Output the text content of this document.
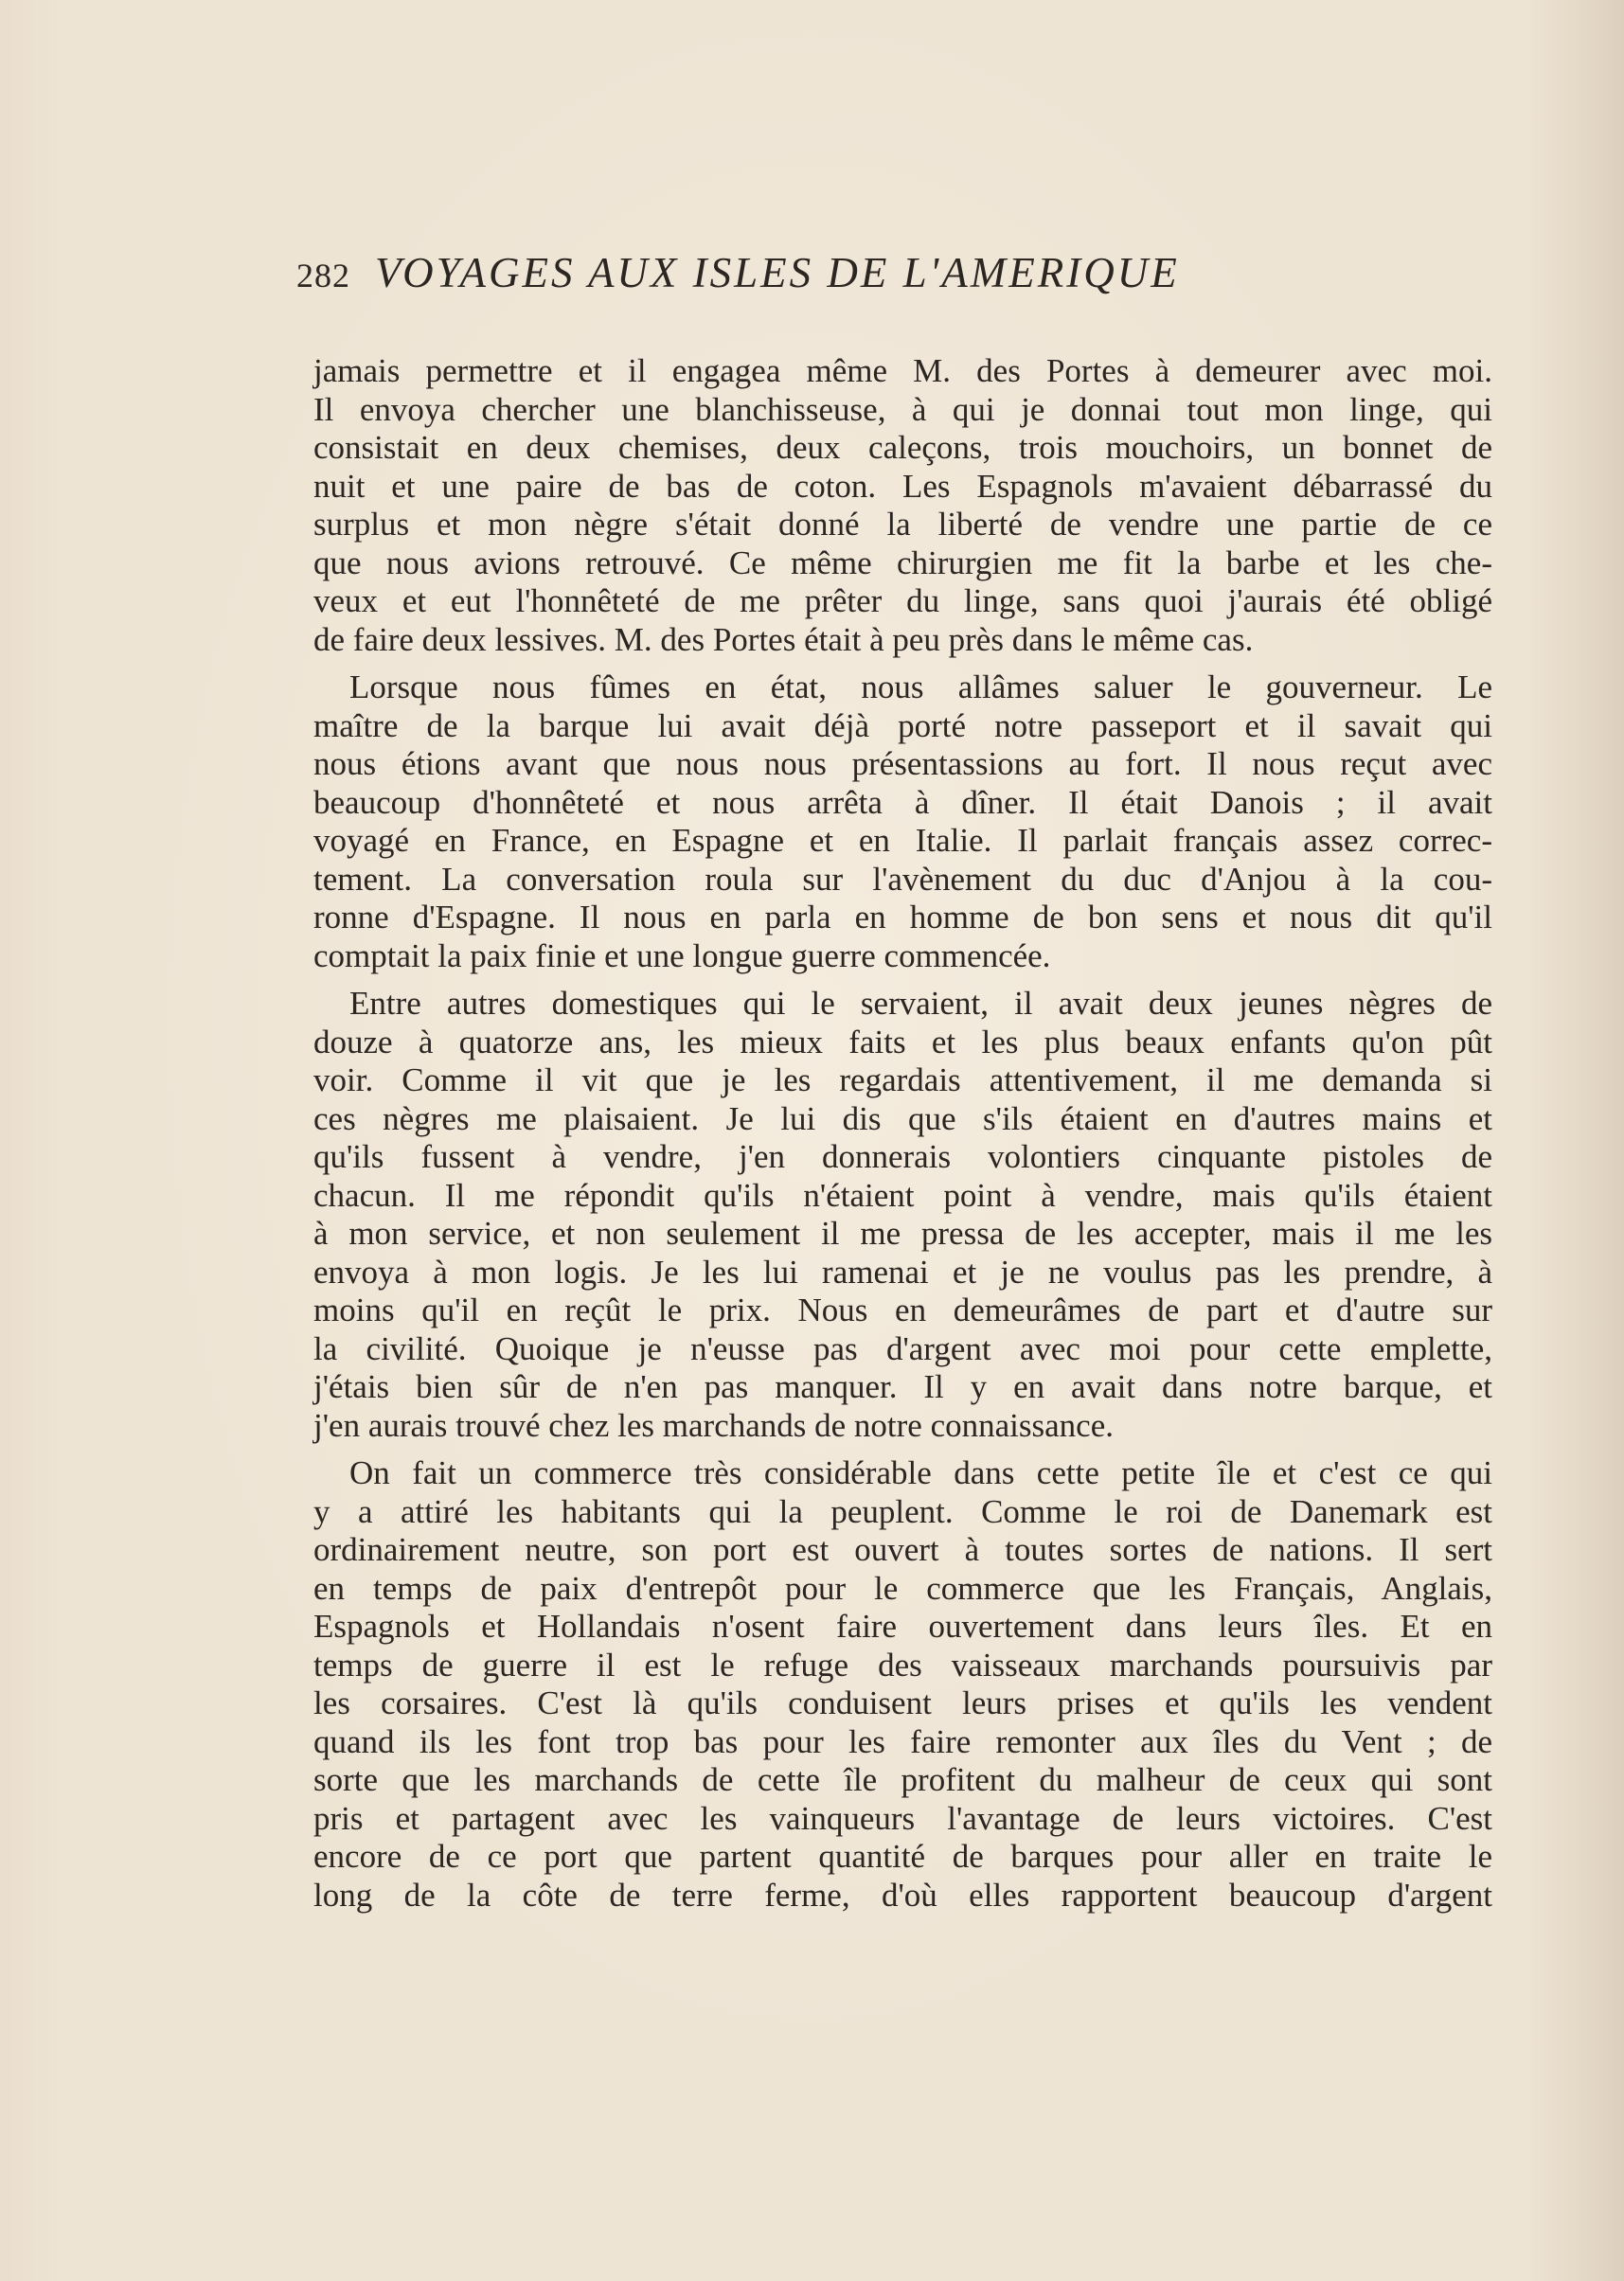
282 VOYAGES AUX ISLES DE L'AMERIQUE
jamais permettre et il engagea même M. des Portes à demeurer avec moi.
Il envoya chercher une blanchisseuse, à qui je donnai tout mon linge, qui
consistait en deux chemises, deux caleçons, trois mouchoirs, un bonnet de
nuit et une paire de bas de coton. Les Espagnols m'avaient débarrassé du
surplus et mon nègre s'était donné la liberté de vendre une partie de ce
que nous avions retrouvé. Ce même chirurgien me fit la barbe et les che-
veux et eut l'honnêteté de me prêter du linge, sans quoi j'aurais été obligé
de faire deux lessives. M. des Portes était à peu près dans le même cas.
Lorsque nous fûmes en état, nous allâmes saluer le gouverneur. Le
maître de la barque lui avait déjà porté notre passeport et il savait qui
nous étions avant que nous nous présentassions au fort. Il nous reçut avec
beaucoup d'honnêteté et nous arrêta à dîner. Il était Danois ; il avait
voyagé en France, en Espagne et en Italie. Il parlait français assez correc-
tement. La conversation roula sur l'avènement du duc d'Anjou à la cou-
ronne d'Espagne. Il nous en parla en homme de bon sens et nous dit qu'il
comptait la paix finie et une longue guerre commencée.
Entre autres domestiques qui le servaient, il avait deux jeunes nègres de
douze à quatorze ans, les mieux faits et les plus beaux enfants qu'on pût
voir. Comme il vit que je les regardais attentivement, il me demanda si
ces nègres me plaisaient. Je lui dis que s'ils étaient en d'autres mains et
qu'ils fussent à vendre, j'en donnerais volontiers cinquante pistoles de
chacun. Il me répondit qu'ils n'étaient point à vendre, mais qu'ils étaient
à mon service, et non seulement il me pressa de les accepter, mais il me les
envoya à mon logis. Je les lui ramenai et je ne voulus pas les prendre, à
moins qu'il en reçût le prix. Nous en demeurâmes de part et d'autre sur
la civilité. Quoique je n'eusse pas d'argent avec moi pour cette emplette,
j'étais bien sûr de n'en pas manquer. Il y en avait dans notre barque, et
j'en aurais trouvé chez les marchands de notre connaissance.
On fait un commerce très considérable dans cette petite île et c'est ce qui
y a attiré les habitants qui la peuplent. Comme le roi de Danemark est
ordinairement neutre, son port est ouvert à toutes sortes de nations. Il sert
en temps de paix d'entrepôt pour le commerce que les Français, Anglais,
Espagnols et Hollandais n'osent faire ouvertement dans leurs îles. Et en
temps de guerre il est le refuge des vaisseaux marchands poursuivis par
les corsaires. C'est là qu'ils conduisent leurs prises et qu'ils les vendent
quand ils les font trop bas pour les faire remonter aux îles du Vent ; de
sorte que les marchands de cette île profitent du malheur de ceux qui sont
pris et partagent avec les vainqueurs l'avantage de leurs victoires. C'est
encore de ce port que partent quantité de barques pour aller en traite le
long de la côte de terre ferme, d'où elles rapportent beaucoup d'argent
